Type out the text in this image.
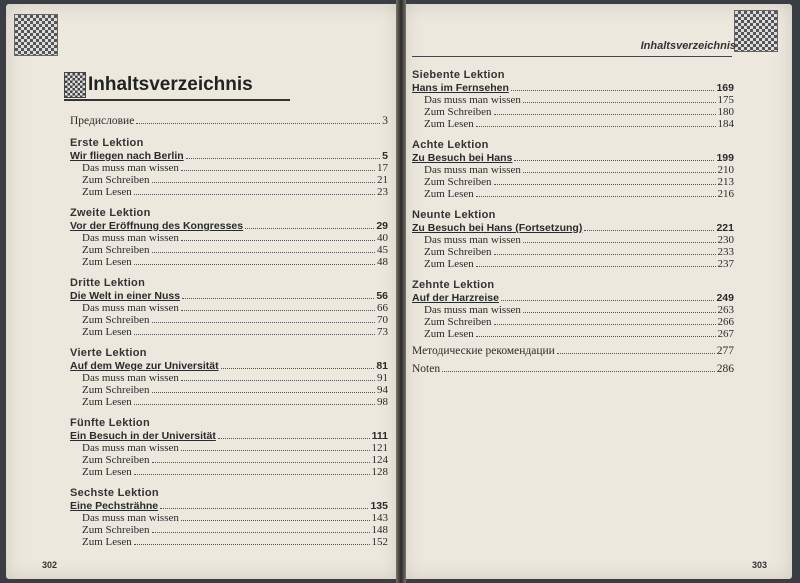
Inhaltsverzeichnis
Inhaltsverzeichnis
Предисловие	3
Erste Lektion
Wir fliegen nach Berlin	5
Das muss man wissen	17
Zum Schreiben	21
Zum Lesen	23
Zweite Lektion
Vor der Eröffnung des Kongresses	29
Das muss man wissen	40
Zum Schreiben	45
Zum Lesen	48
Dritte Lektion
Die Welt in einer Nuss	56
Das muss man wissen	66
Zum Schreiben	70
Zum Lesen	73
Vierte Lektion
Auf dem Wege zur Universität	81
Das muss man wissen	91
Zum Schreiben	94
Zum Lesen	98
Fünfte Lektion
Ein Besuch in der Universität	111
Das muss man wissen	121
Zum Schreiben	124
Zum Lesen	128
Sechste Lektion
Eine Pechsträhne	135
Das muss man wissen	143
Zum Schreiben	148
Zum Lesen	152
Siebente Lektion
Hans im Fernsehen	169
Das muss man wissen	175
Zum Schreiben	180
Zum Lesen	184
Achte Lektion
Zu Besuch bei Hans	199
Das muss man wissen	210
Zum Schreiben	213
Zum Lesen	216
Neunte Lektion
Zu Besuch bei Hans (Fortsetzung)	221
Das muss man wissen	230
Zum Schreiben	233
Zum Lesen	237
Zehnte Lektion
Auf der Harzreise	249
Das muss man wissen	263
Zum Schreiben	266
Zum Lesen	267
Методические рекомендации	277
Noten	286
302	303
